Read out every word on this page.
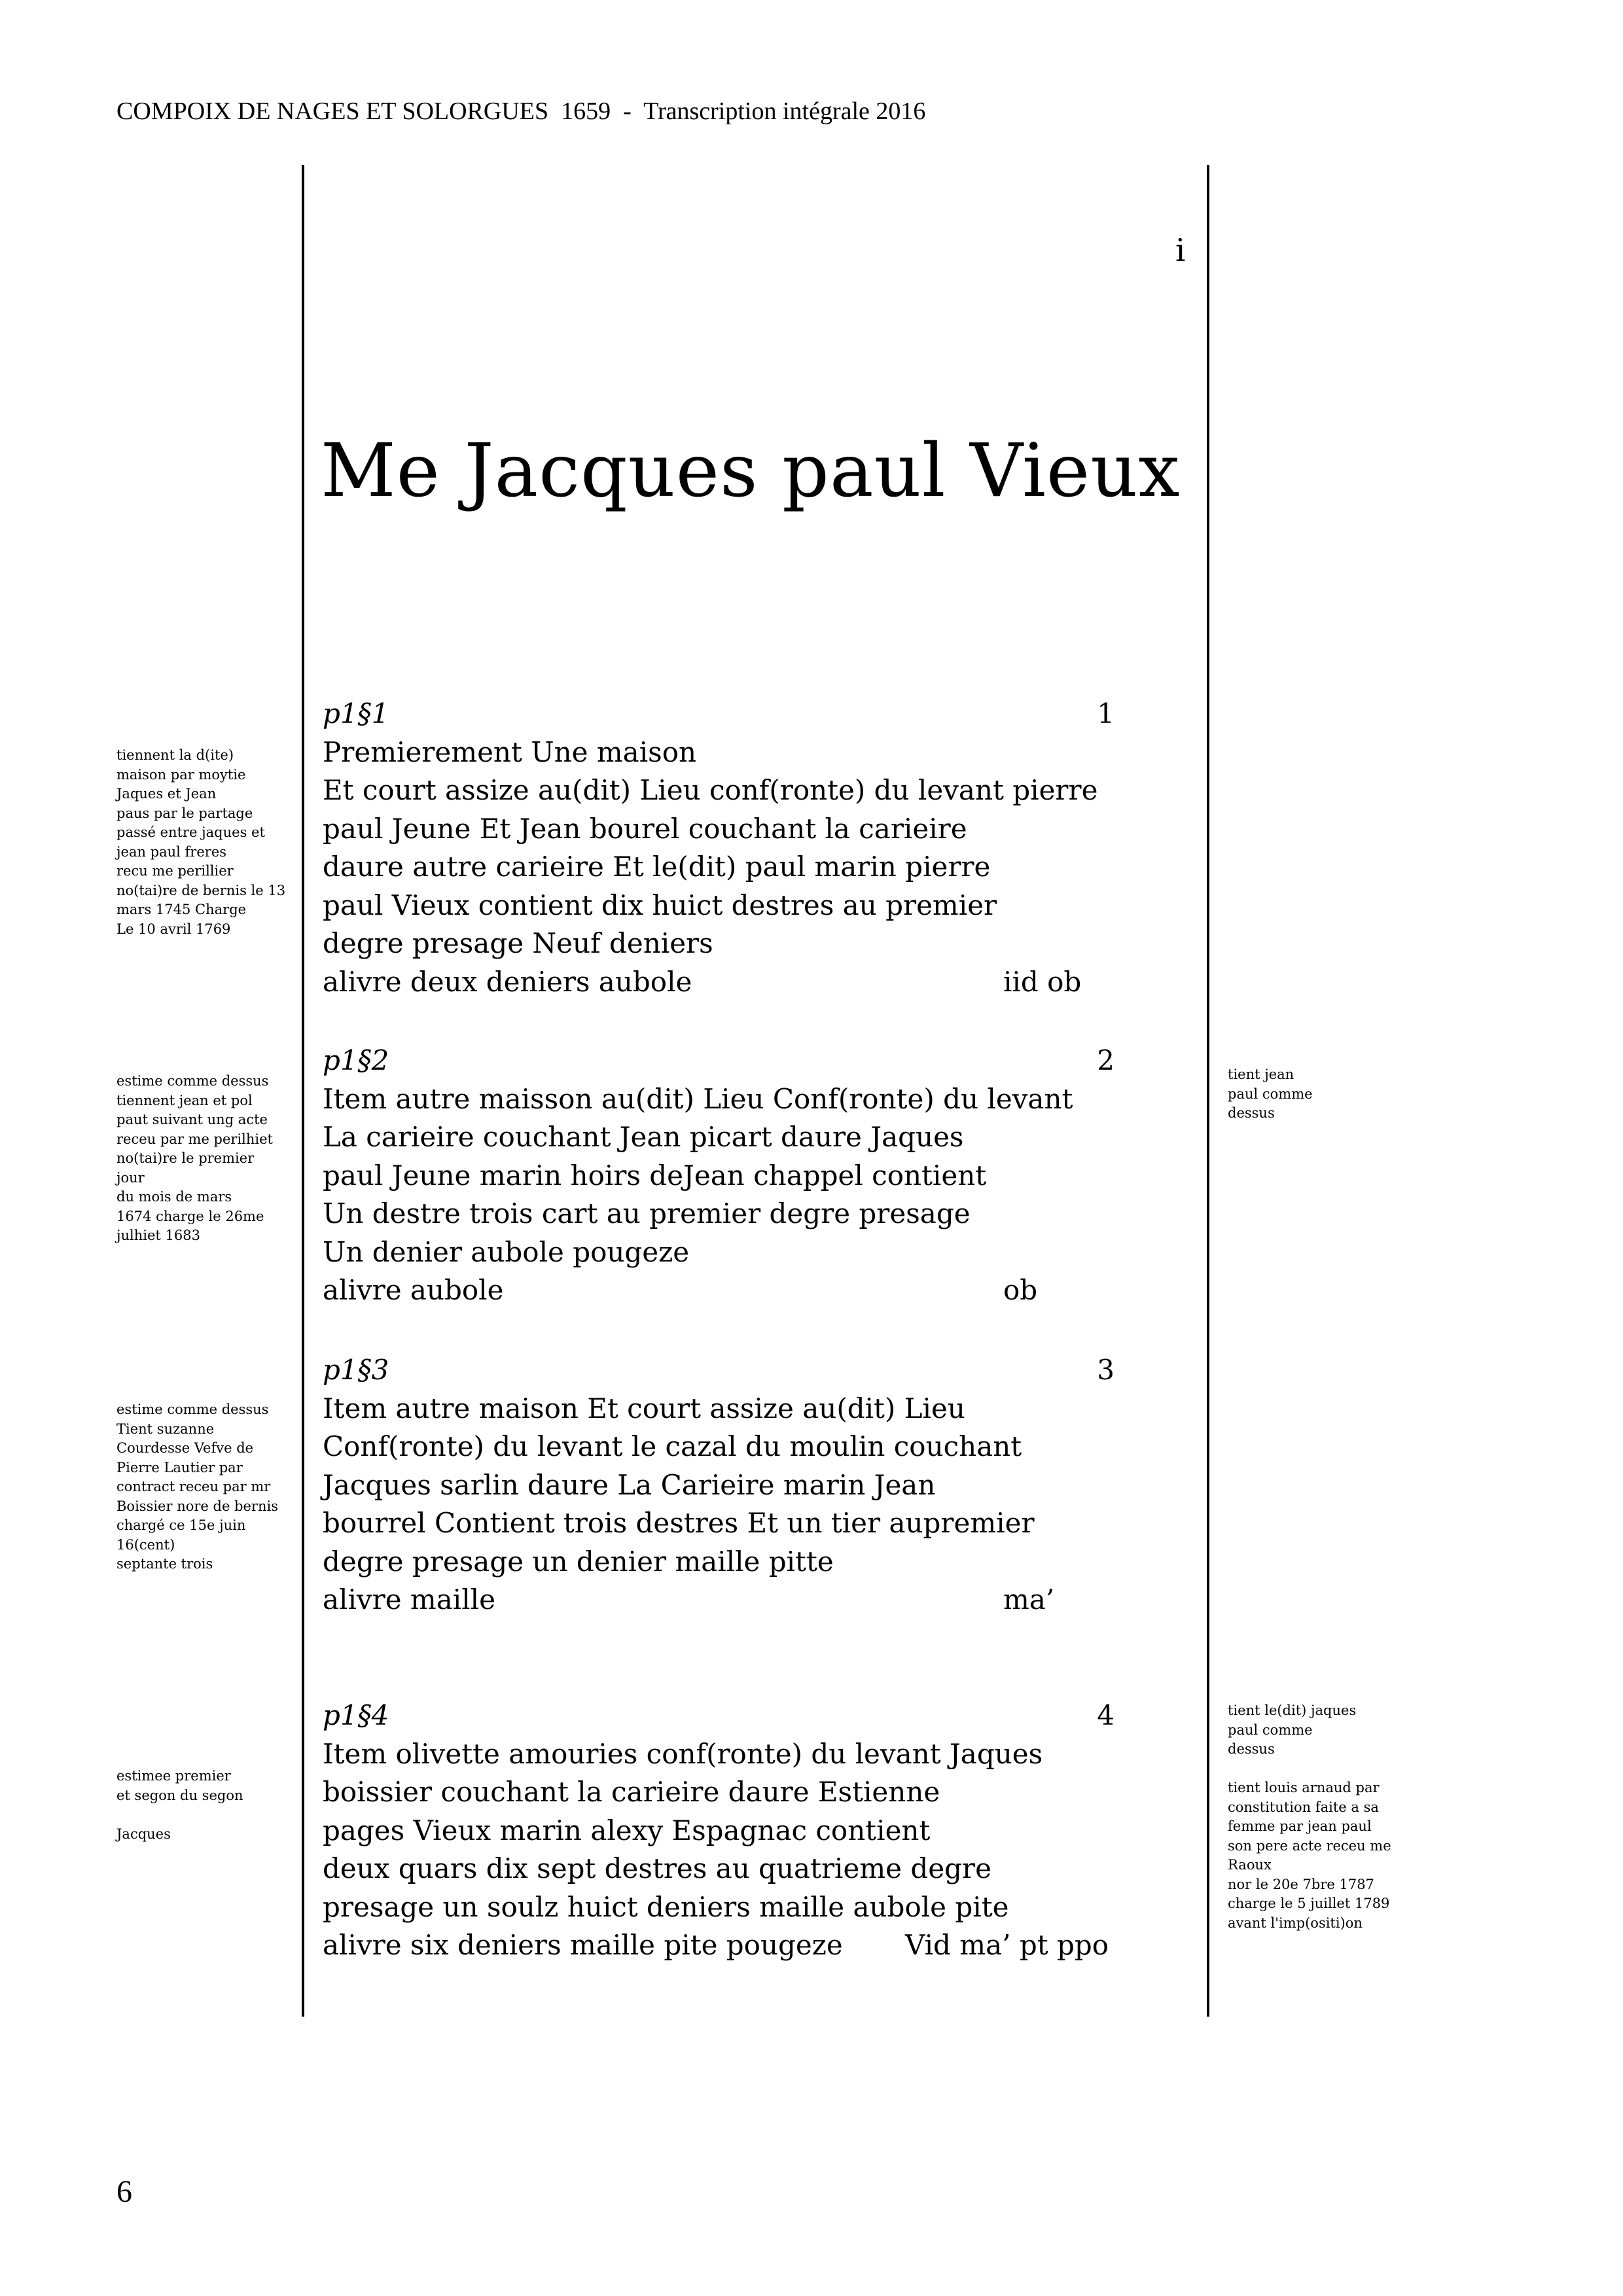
COMPOIX DE NAGES ET SOLORGUES  1659  -  Transcription intégrale 2016
i
Me Jacques paul Vieux
p1§1	1
Premierement Une maison
Et court assize au(dit) Lieu conf(ronte) du levant pierre
paul Jeune Et Jean bourel couchant la carieire
daure autre carieire Et le(dit) paul marin pierre
paul Vieux contient dix huict destres au premier
degre presage Neuf deniers
alivre deux deniers aubole	iid ob
p1§2	2
Item autre maisson au(dit) Lieu Conf(ronte) du levant
La carieire couchant Jean picart daure Jaques
paul Jeune marin hoirs deJean chappel contient
Un destre trois cart au premier degre presage
Un denier aubole pougeze
alivre aubole	ob
p1§3	3
Item autre maison Et court assize au(dit) Lieu
Conf(ronte) du levant le cazal du moulin couchant
Jacques sarlin daure La Carieire marin Jean
bourrel Contient trois destres Et un tier aupremier
degre presage un denier maille pitte
alivre maille	ma’
p1§4	4
Item olivette amouries conf(ronte) du levant Jaques
boissier couchant la carieire daure Estienne
pages Vieux marin alexy Espagnac contient
deux quars dix sept destres au quatrieme degre
presage un soulz huict deniers maille aubole pite
alivre six deniers maille pite pougeze Vid ma’ pt ppo
tiennent la d(ite)
maison par moytie
Jaques et Jean
paus par le partage
passé entre jaques et
jean paul freres
recu me perillier
no(tai)re de bernis le 13
mars 1745 Charge
Le 10 avril 1769
estime comme dessus
tiennent jean et pol
paut suivant ung acte
receu par me perilhiet
no(tai)re le premier
jour
du mois de mars
1674 charge le 26me
julhiet 1683
estime comme dessus
Tient suzanne
Courdesse Vefve de
Pierre Lautier par
contract receu par mr
Boissier nore de bernis
chargé ce 15e juin
16(cent)
septante trois
estimee premier
et segon du segon
Jacques
tient jean
paul comme
dessus
tient le(dit) jaques
paul comme
dessus
tient louis arnaud par
constitution faite a sa
femme par jean paul
son pere acte receu me
Raoux
nor le 20e 7bre 1787
charge le 5 juillet 1789
avant l'imp(ositi)on
6
